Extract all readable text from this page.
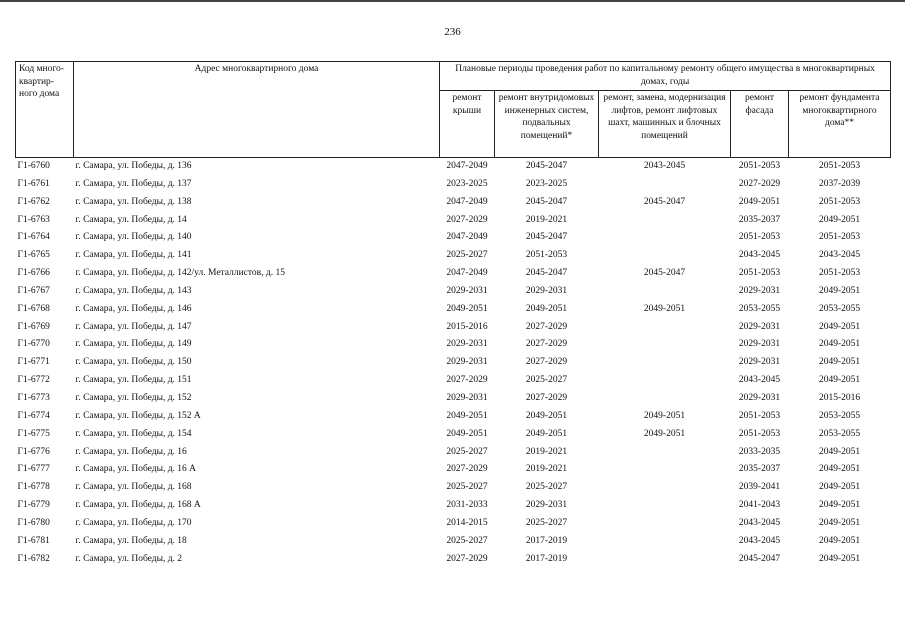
236
Код много-квартир-ного дома	Адрес многоквартирного дома	Плановые периоды проведения работ по капитальному ремонту общего имущества в многоквартирных домах, годы				
		ремонт крыши	ремонт внутридомовых инженерных систем, подвальных помещений*	ремонт, замена, модернизация лифтов, ремонт лифтовых шахт, машинных и блочных помещений	ремонт фасада	ремонт фундамента многоквартирного дома**
Г1-6760	г. Самара, ул. Победы, д. 136	2047-2049	2045-2047	2043-2045	2051-2053	2051-2053
Г1-6761	г. Самара, ул. Победы, д. 137	2023-2025	2023-2025		2027-2029	2037-2039
Г1-6762	г. Самара, ул. Победы, д. 138	2047-2049	2045-2047	2045-2047	2049-2051	2051-2053
Г1-6763	г. Самара, ул. Победы, д. 14	2027-2029	2019-2021		2035-2037	2049-2051
Г1-6764	г. Самара, ул. Победы, д. 140	2047-2049	2045-2047		2051-2053	2051-2053
Г1-6765	г. Самара, ул. Победы, д. 141	2025-2027	2051-2053		2043-2045	2043-2045
Г1-6766	г. Самара, ул. Победы, д. 142/ул. Металлистов, д. 15	2047-2049	2045-2047	2045-2047	2051-2053	2051-2053
Г1-6767	г. Самара, ул. Победы, д. 143	2029-2031	2029-2031		2029-2031	2049-2051
Г1-6768	г. Самара, ул. Победы, д. 146	2049-2051	2049-2051	2049-2051	2053-2055	2053-2055
Г1-6769	г. Самара, ул. Победы, д. 147	2015-2016	2027-2029		2029-2031	2049-2051
Г1-6770	г. Самара, ул. Победы, д. 149	2029-2031	2027-2029		2029-2031	2049-2051
Г1-6771	г. Самара, ул. Победы, д. 150	2029-2031	2027-2029		2029-2031	2049-2051
Г1-6772	г. Самара, ул. Победы, д. 151	2027-2029	2025-2027		2043-2045	2049-2051
Г1-6773	г. Самара, ул. Победы, д. 152	2029-2031	2027-2029		2029-2031	2015-2016
Г1-6774	г. Самара, ул. Победы, д. 152 А	2049-2051	2049-2051	2049-2051	2051-2053	2053-2055
Г1-6775	г. Самара, ул. Победы, д. 154	2049-2051	2049-2051	2049-2051	2051-2053	2053-2055
Г1-6776	г. Самара, ул. Победы, д. 16	2025-2027	2019-2021		2033-2035	2049-2051
Г1-6777	г. Самара, ул. Победы, д. 16 А	2027-2029	2019-2021		2035-2037	2049-2051
Г1-6778	г. Самара, ул. Победы, д. 168	2025-2027	2025-2027		2039-2041	2049-2051
Г1-6779	г. Самара, ул. Победы, д. 168 А	2031-2033	2029-2031		2041-2043	2049-2051
Г1-6780	г. Самара, ул. Победы, д. 170	2014-2015	2025-2027		2043-2045	2049-2051
Г1-6781	г. Самара, ул. Победы, д. 18	2025-2027	2017-2019		2043-2045	2049-2051
Г1-6782	г. Самара, ул. Победы, д. 2	2027-2029	2017-2019		2045-2047	2049-2051
